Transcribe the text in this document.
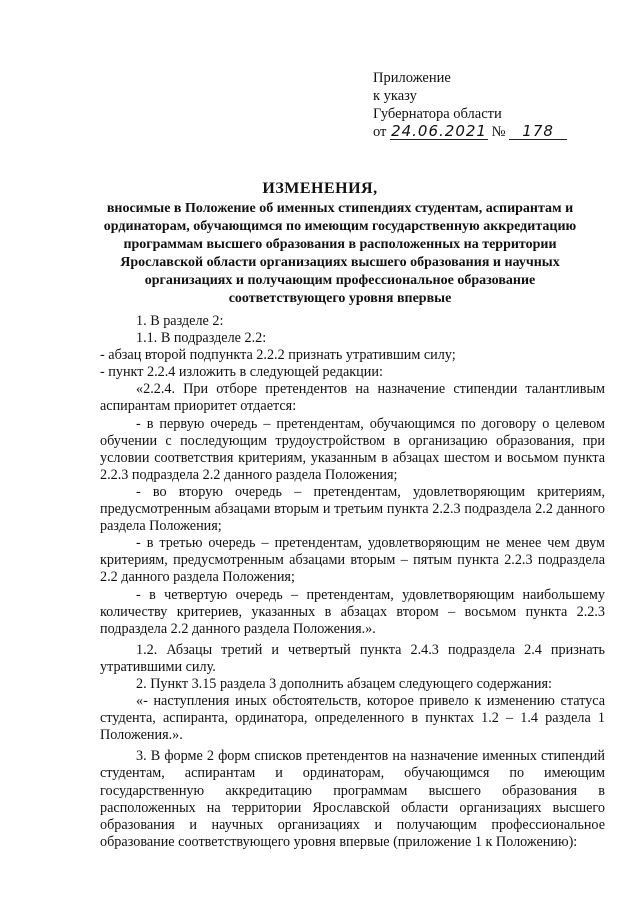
Приложение
к указу
Губернатора области
от 24.06.2021 № 178
ИЗМЕНЕНИЯ,
вносимые в Положение об именных стипендиях студентам, аспирантам и ординаторам, обучающимся по имеющим государственную аккредитацию программам высшего образования в расположенных на территории Ярославской области организациях высшего образования и научных организациях и получающим профессиональное образование соответствующего уровня впервые

1. В разделе 2:

1.1. В подразделе 2.2:

- абзац второй подпункта 2.2.2 признать утратившим силу;

- пункт 2.2.4 изложить в следующей редакции:

«2.2.4. При отборе претендентов на назначение стипендии талантливым аспирантам приоритет отдается:

- в первую очередь – претендентам, обучающимся по договору о целевом обучении с последующим трудоустройством в организацию образования, при условии соответствия критериям, указанным в абзацах шестом и восьмом пункта 2.2.3 подраздела 2.2 данного раздела Положения;

- во вторую очередь – претендентам, удовлетворяющим критериям, предусмотренным абзацами вторым и третьим пункта 2.2.3 подраздела 2.2 данного раздела Положения;

- в третью очередь – претендентам, удовлетворяющим не менее чем двум критериям, предусмотренным абзацами вторым – пятым пункта 2.2.3 подраздела 2.2 данного раздела Положения;

- в четвертую очередь – претендентам, удовлетворяющим наибольшему количеству критериев, указанных в абзацах втором – восьмом пункта 2.2.3 подраздела 2.2 данного раздела Положения.».

1.2. Абзацы третий и четвертый пункта 2.4.3 подраздела 2.4 признать утратившими силу.

2. Пункт 3.15 раздела 3 дополнить абзацем следующего содержания:

«- наступления иных обстоятельств, которое привело к изменению статуса студента, аспиранта, ординатора, определенного в пунктах 1.2 – 1.4 раздела 1 Положения.».

3. В форме 2 форм списков претендентов на назначение именных стипендий студентам, аспирантам и ординаторам, обучающимся по имеющим государственную аккредитацию программам высшего образования в расположенных на территории Ярославской области организациях высшего образования и научных организациях и получающим профессиональное образование соответствующего уровня впервые (приложение 1 к Положению):
